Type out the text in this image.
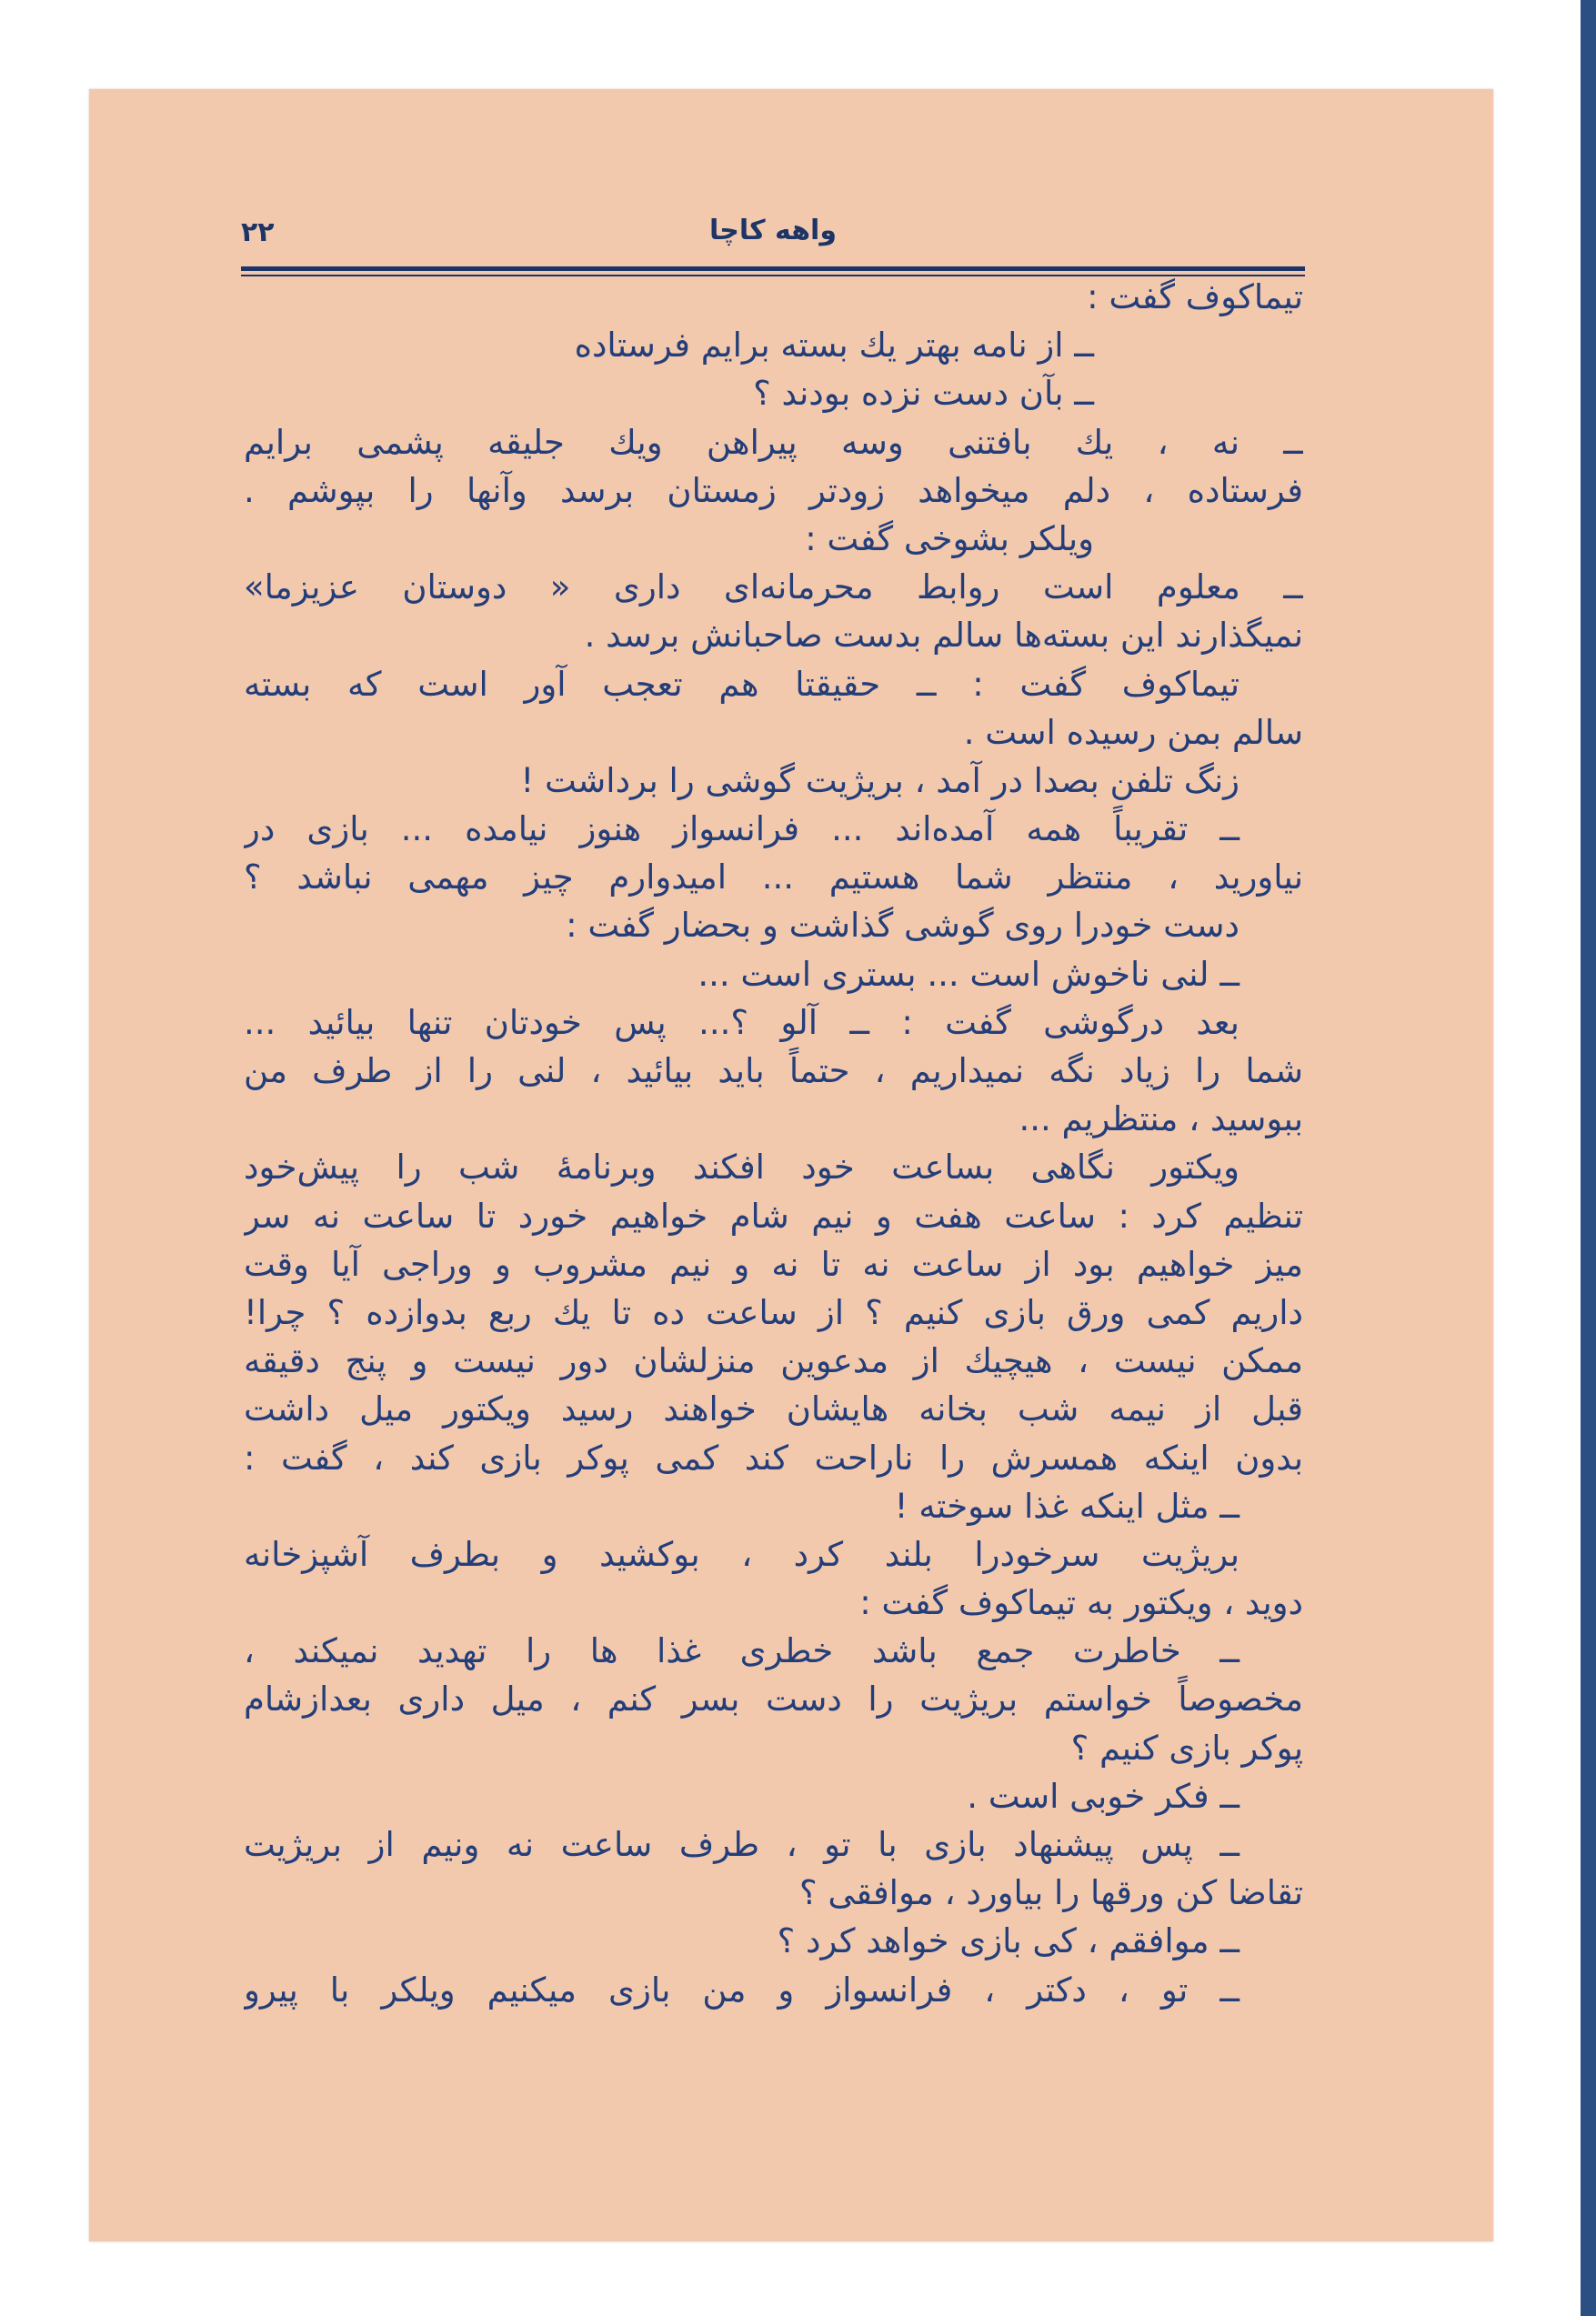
۲۲	واهه کاچا
تیماکوف گفت :
ــ از نامه بهتر یك بسته برایم فرستاده
ــ بآن دست نزده بودند ؟
ــ نه ، یك بافتنی وسه پیراهن ویك جلیقه پشمی برایم
فرستاده ، دلم میخواهد زودتر زمستان برسد وآنها را بپوشم .
ویلکر بشوخی گفت :
ــ معلوم است روابط محرمانه‌ای داری « دوستان عزیزما»
نمیگذارند این بسته‌ها سالم بدست صاحبانش برسد .
تیماکوف گفت : ــ حقیقتا هم تعجب آور است که بسته
سالم بمن رسیده است .
زنگ تلفن بصدا در آمد ، بریژیت گوشی را برداشت !
ــ تقریباً همه آمده‌اند ... فرانسواز هنوز نیامده ... بازی در
نیاورید ، منتظر شما هستیم ... امیدوارم چیز مهمی نباشد ؟
دست خودرا روی گوشی گذاشت و بحضار گفت :
ــ لنی ناخوش است ... بستری است ...
بعد درگوشی گفت : ــ آلو ؟... پس خودتان تنها بیائید ...
شما را زیاد نگه نمیداریم ، حتماً باید بیائید ، لنی را از طرف من
ببوسید ، منتظریم ...
ویکتور نگاهی بساعت خود افکند وبرنامهٔ شب را پیش‌خود
تنظیم کرد : ساعت هفت و نیم شام خواهیم خورد تا ساعت نه سر
میز خواهیم بود از ساعت نه تا نه و نیم مشروب و وراجی آیا وقت
داریم کمی ورق بازی کنیم ؟ از ساعت ده تا یك ربع بدوازده ؟ چرا!
ممکن نیست ، هیچیك از مدعوین منزلشان دور نیست و پنج دقیقه
قبل از نیمه شب بخانه هایشان خواهند رسید ویکتور میل داشت
بدون اینکه همسرش را ناراحت کند کمی پوکر بازی کند ، گفت :
ــ مثل اینکه غذا سوخته !
بریژیت سرخودرا بلند کرد ، بوکشید و بطرف آشپزخانه
دوید ، ویکتور به تیماکوف گفت :
ــ خاطرت جمع باشد خطری غذا ها را تهدید نمیکند ،
مخصوصاً خواستم بریژیت را دست بسر کنم ، میل داری بعدازشام
پوکر بازی کنیم ؟
ــ فکر خوبی است .
ــ پس پیشنهاد بازی با تو ، طرف ساعت نه ونیم از بریژیت
تقاضا کن ورقها را بیاورد ، موافقی ؟
ــ موافقم ، کی بازی خواهد کرد ؟
ــ تو ، دکتر ، فرانسواز و من بازی میکنیم ویلکر با پیرو
